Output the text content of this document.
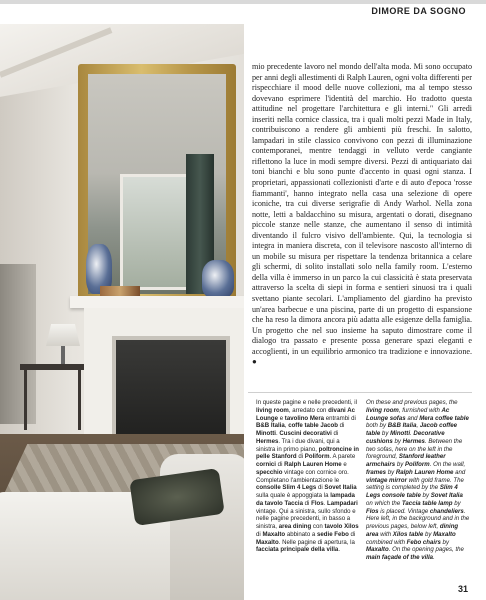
DIMORE DA SOGNO

mio precedente lavoro nel mondo dell'alta moda. Mi sono occupato per anni degli allestimenti di Ralph Lauren, ogni volta differenti per rispecchiare il mood delle nuove collezioni, ma al tempo stesso dovevano esprimere l'identità del marchio. Ho tradotto questa attitudine nel progettare l'architettura e gli interni." Gli arredi inseriti nella cornice classica, tra i quali molti pezzi Made in Italy, contribuiscono a rendere gli ambienti più freschi. In salotto, lampadari in stile classico convivono con pezzi di illuminazione contemporanei, mentre tendaggi in velluto verde cangiante riflettono la luce in modi sempre diversi. Pezzi di antiquariato dai toni bianchi e blu sono punte d'accento in quasi ogni stanza. I proprietari, appassionati collezionisti d'arte e di auto d'epoca 'rosse fiammanti', hanno integrato nella casa una selezione di opere iconiche, tra cui diverse serigrafie di Andy Warhol. Nella zona notte, letti a baldacchino su misura, argentati o dorati, disegnano piccole stanze nelle stanze, che aumentano il senso di intimità diventando il fulcro visivo dell'ambiente. Qui, la tecnologia si integra in maniera discreta, con il televisore nascosto all'interno di un mobile su misura per rispettare la tendenza britannica a celare gli schermi, di solito installati solo nella family room. L'esterno della villa è immerso in un parco la cui classicità è stata preservata attraverso la scelta di siepi in forma e sentieri sinuosi tra i quali svettano piante secolari. L'ampliamento del giardino ha previsto un'area barbecue e una piscina, parte di un progetto di espansione che ha reso la dimora ancora più adatta alle esigenze della famiglia. Un progetto che nel suo insieme ha saputo dimostrare come il dialogo tra passato e presente possa generare spazi eleganti e accoglienti, in un equilibrio armonico tra tradizione e innovazione. ●

In queste pagine e nelle precedenti, il living room, arredato con divani Ac Lounge e tavolino Mera entrambi di B&B Italia, coffe table Jacob di Minotti. Cuscini decorativi di Hermes. Tra i due divani, qui a sinistra in primo piano, poltroncine in pelle Stanford di Poliform. A parete cornici di Ralph Lauren Home e specchio vintage con cornice oro. Completano l'ambientazione le consolle Slim 4 Legs di Sovet Italia sulla quale è appoggiata la lampada da tavolo Taccia di Flos. Lampadari vintage. Qui a sinistra, sullo sfondo e nelle pagine precedenti, in basso a sinistra, area dining con tavolo Xilos di Maxalto abbinato a sedie Febo di Maxalto. Nelle pagine di apertura, la facciata principale della villa.

On these and previous pages, the living room, furnished with Ac Lounge sofas and Mera coffee table both by B&B Italia, Jacob coffee table by Minotti. Decorative cushions by Hermes. Between the two sofas, here on the left in the foreground, Stanford leather armchairs by Poliform. On the wall, frames by Ralph Lauren Home and vintage mirror with gold frame. The setting is completed by the Slim 4 Legs console table by Sovet Italia on which the Taccia table lamp by Flos is placed. Vintage chandeliers. Here left, in the background and in the previous pages, below left, dining area with Xilos table by Maxalto combined with Febo chairs by Maxalto. On the opening pages, the main façade of the villa.

31
